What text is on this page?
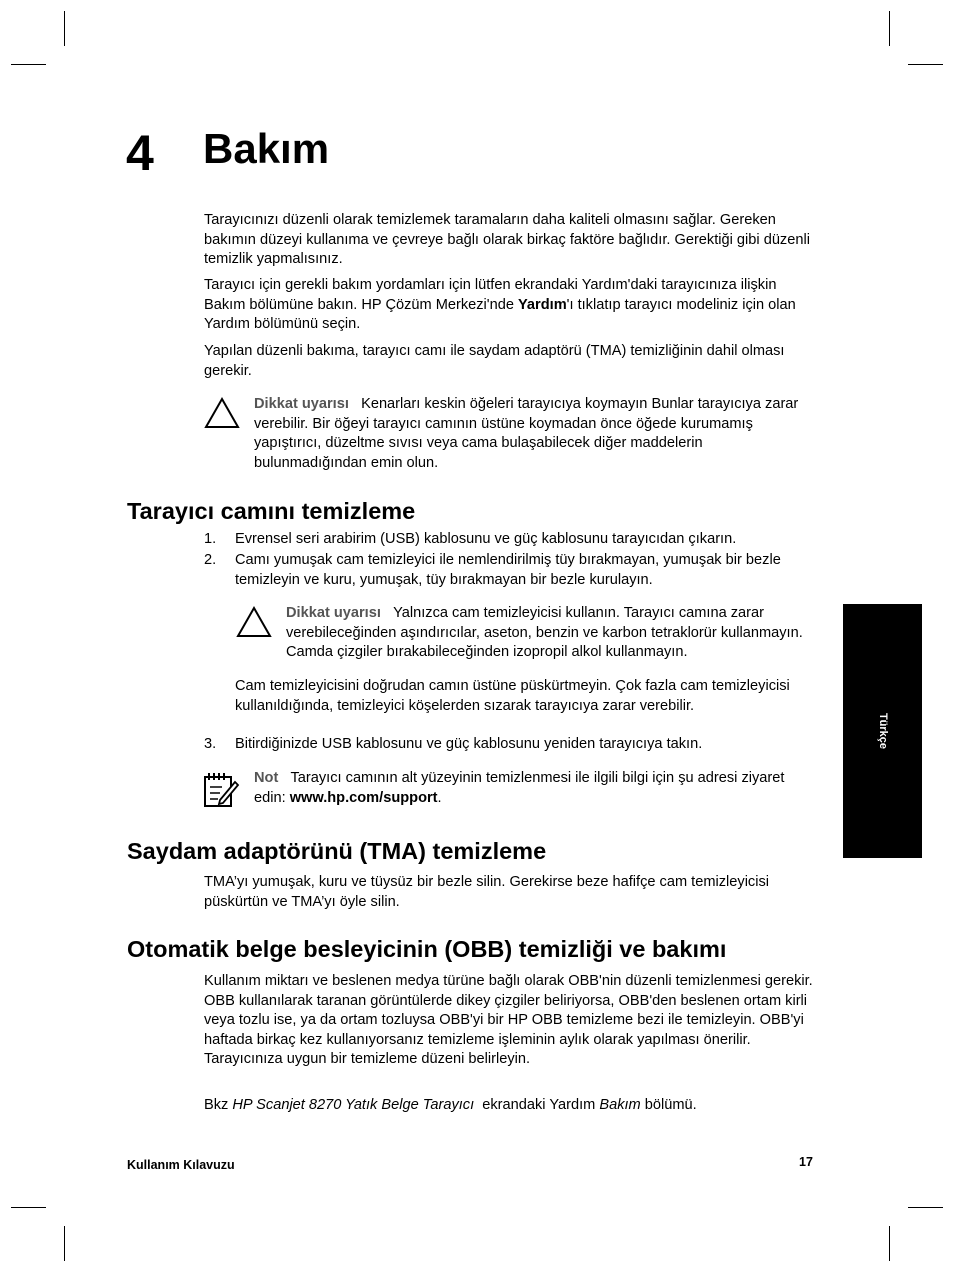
4 Bakım

Tarayıcınızı düzenli olarak temizlemek taramaların daha kaliteli olmasını sağlar. Gereken bakımın düzeyi kullanıma ve çevreye bağlı olarak birkaç faktöre bağlıdır. Gerektiği gibi düzenli temizlik yapmalısınız.

Tarayıcı için gerekli bakım yordamları için lütfen ekrandaki Yardım'daki tarayıcınıza ilişkin Bakım bölümüne bakın. HP Çözüm Merkezi'nde Yardım'ı tıklatıp tarayıcı modeliniz için olan Yardım bölümünü seçin.

Yapılan düzenli bakıma, tarayıcı camı ile saydam adaptörü (TMA) temizliğinin dahil olması gerekir.

Dikkat uyarısı Kenarları keskin öğeleri tarayıcıya koymayın Bunlar tarayıcıya zarar verebilir. Bir öğeyi tarayıcı camının üstüne koymadan önce öğede kurumamış yapıştırıcı, düzeltme sıvısı veya cama bulaşabilecek diğer maddelerin bulunmadığından emin olun.

Tarayıcı camını temizleme
1. Evrensel seri arabirim (USB) kablosunu ve güç kablosunu tarayıcıdan çıkarın.

2. Camı yumuşak cam temizleyici ile nemlendirilmiş tüy bırakmayan, yumuşak bir bezle temizleyin ve kuru, yumuşak, tüy bırakmayan bir bezle kurulayın.

Dikkat uyarısı Yalnızca cam temizleyicisi kullanın. Tarayıcı camına zarar verebileceğinden aşındırıcılar, aseton, benzin ve karbon tetraklorür kullanmayın. Camda çizgiler bırakabileceğinden izopropil alkol kullanmayın.

Cam temizleyicisini doğrudan camın üstüne püskürtmeyin. Çok fazla cam temizleyicisi kullanıldığında, temizleyici köşelerden sızarak tarayıcıya zarar verebilir.

3. Bitirdiğinizde USB kablosunu ve güç kablosunu yeniden tarayıcıya takın.

Not Tarayıcı camının alt yüzeyinin temizlenmesi ile ilgili bilgi için şu adresi ziyaret edin: www.hp.com/support.

Saydam adaptörünü (TMA) temizleme

TMA’yı yumuşak, kuru ve tüysüz bir bezle silin. Gerekirse beze hafifçe cam temizleyicisi püskürtün ve TMA’yı öyle silin.

Otomatik belge besleyicinin (OBB) temizliği ve bakımı

Kullanım miktarı ve beslenen medya türüne bağlı olarak OBB'nin düzenli temizlenmesi gerekir. OBB kullanılarak taranan görüntülerde dikey çizgiler beliriyorsa, OBB'den beslenen ortam kirli veya tozlu ise, ya da ortam tozluysa OBB'yi bir HP OBB temizleme bezi ile temizleyin. OBB'yi haftada birkaç kez kullanıyorsanız temizleme işleminin aylık olarak yapılması önerilir. Tarayıcınıza uygun bir temizleme düzeni belirleyin.

Bkz HP Scanjet 8270 Yatık Belge Tarayıcı  ekrandaki Yardım Bakım bölümü.

Türkçe
Kullanım Kılavuzu	17
